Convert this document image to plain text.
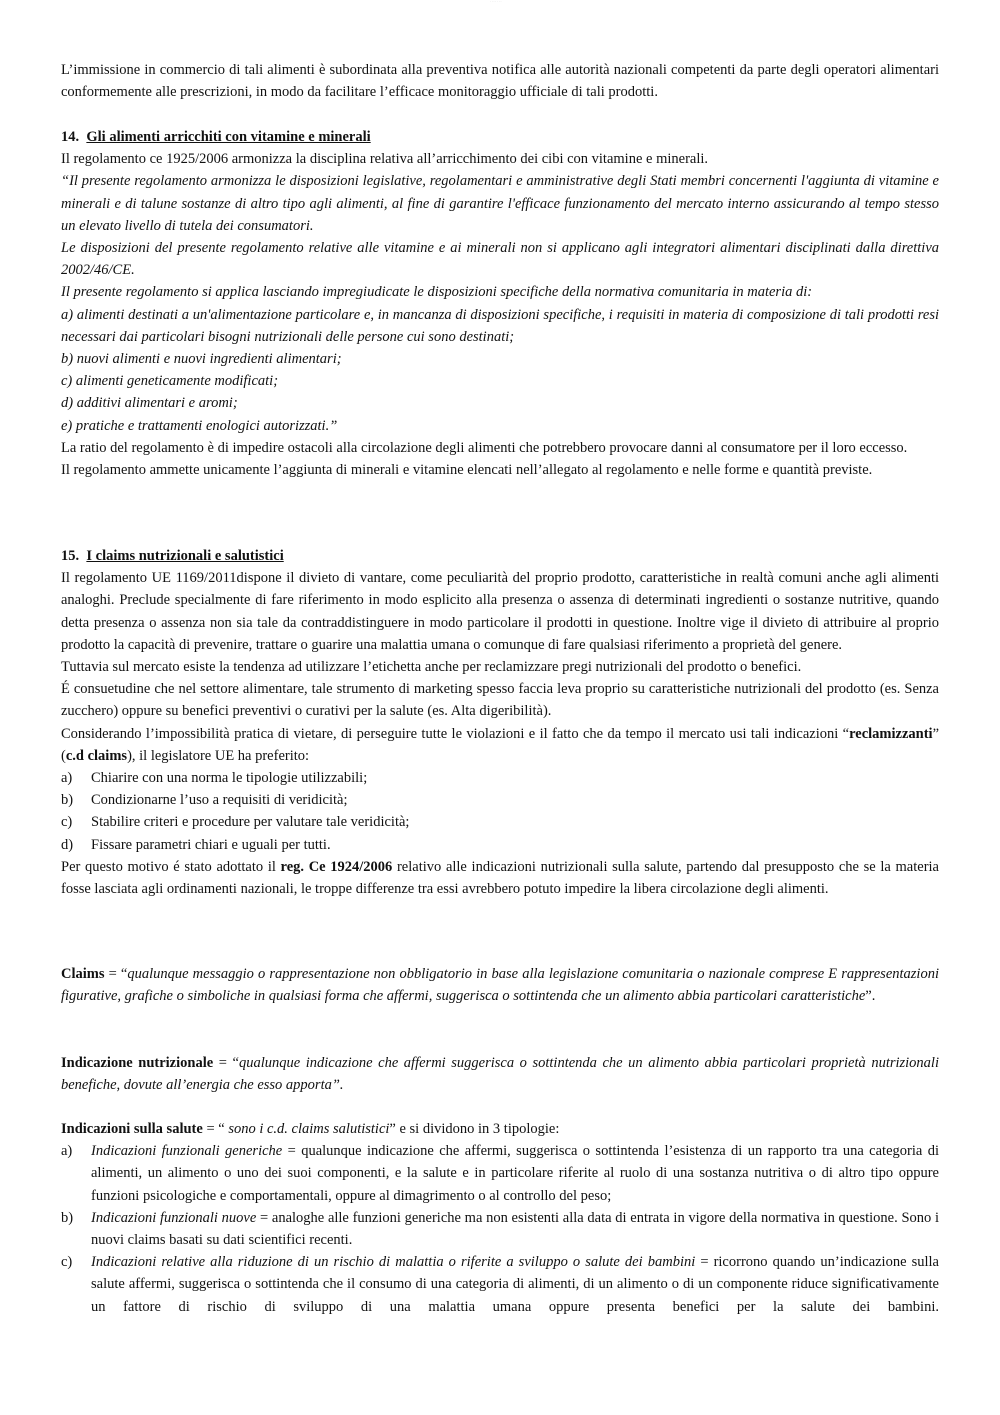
· · · · · · ·

L’immissione in commercio di tali alimenti è subordinata alla preventiva notifica alle autorità nazionali competenti da parte degli operatori alimentari conformemente alle prescrizioni, in modo da facilitare l’efficace monitoraggio ufficiale di tali prodotti.

14. Gli alimenti arricchiti con vitamine e minerali

Il regolamento ce 1925/2006 armonizza la disciplina relativa all’arricchimento dei cibi con vitamine e minerali.

“Il presente regolamento armonizza le disposizioni legislative, regolamentari e amministrative degli Stati membri concernenti l'aggiunta di vitamine e minerali e di talune sostanze di altro tipo agli alimenti, al fine di garantire l'efficace funzionamento del mercato interno assicurando al tempo stesso un elevato livello di tutela dei consumatori.

Le disposizioni del presente regolamento relative alle vitamine e ai minerali non si applicano agli integratori alimentari disciplinati dalla direttiva 2002/46/CE.

Il presente regolamento si applica lasciando impregiudicate le disposizioni specifiche della normativa comunitaria in materia di:

a) alimenti destinati a un'alimentazione particolare e, in mancanza di disposizioni specifiche, i requisiti in materia di composizione di tali prodotti resi necessari dai particolari bisogni nutrizionali delle persone cui sono destinati;

b) nuovi alimenti e nuovi ingredienti alimentari;

c) alimenti geneticamente modificati;

d) additivi alimentari e aromi;

e) pratiche e trattamenti enologici autorizzati.”

La ratio del regolamento è di impedire ostacoli alla circolazione degli alimenti che potrebbero provocare danni al consumatore per il loro eccesso.

Il regolamento ammette unicamente l’aggiunta di minerali e vitamine elencati nell’allegato al regolamento e nelle forme e quantità previste.

15. I claims nutrizionali e salutistici

Il regolamento UE 1169/2011dispone il divieto di vantare, come peculiarità del proprio prodotto, caratteristiche in realtà comuni anche agli alimenti analoghi. Preclude specialmente di fare riferimento in modo esplicito alla presenza o assenza di determinati ingredienti o sostanze nutritive, quando detta presenza o assenza non sia tale da contraddistinguere in modo particolare il prodotti in questione. Inoltre vige il divieto di attribuire al proprio prodotto la capacità di prevenire, trattare o guarire una malattia umana o comunque di fare qualsiasi riferimento a proprietà del genere.

Tuttavia sul mercato esiste la tendenza ad utilizzare l’etichetta anche per reclamizzare pregi nutrizionali del prodotto o benefici.

É consuetudine che nel settore alimentare, tale strumento di marketing spesso faccia leva proprio su caratteristiche nutrizionali del prodotto (es. Senza zucchero) oppure su benefici preventivi o curativi per la salute (es. Alta digeribilità).

Considerando l’impossibilità pratica di vietare, di perseguire tutte le violazioni e il fatto che da tempo il mercato usi tali indicazioni “reclamizzanti” (c.d claims), il legislatore UE ha preferito:

a)	Chiarire con una norma le tipologie utilizzabili;
b)	Condizionarne l’uso a requisiti di veridicità;
c)	Stabilire criteri e procedure per valutare tale veridicità;
d)	Fissare parametri chiari e uguali per tutti.

Per questo motivo é stato adottato il reg. Ce 1924/2006 relativo alle indicazioni nutrizionali sulla salute, partendo dal presupposto che se la materia fosse lasciata agli ordinamenti nazionali, le troppe differenze tra essi avrebbero potuto impedire la libera circolazione degli alimenti.

Claims = “qualunque messaggio o rappresentazione non obbligatorio in base alla legislazione comunitaria o nazionale comprese E rappresentazioni figurative, grafiche o simboliche in qualsiasi forma che affermi, suggerisca o sottintenda che un alimento abbia particolari caratteristiche”.

Indicazione nutrizionale = “qualunque indicazione che affermi suggerisca o sottintenda che un alimento abbia particolari proprietà nutrizionali benefiche, dovute all’energia che esso apporta”.

Indicazioni sulla salute = “ sono i c.d. claims salutistici” e si dividono in 3 tipologie:

a)	Indicazioni funzionali generiche = qualunque indicazione che affermi, suggerisca o sottintenda l’esistenza di un rapporto tra una categoria di alimenti, un alimento o uno dei suoi componenti, e la salute e in particolare riferite al ruolo di una sostanza nutritiva o di altro tipo oppure funzioni psicologiche e comportamentali, oppure al dimagrimento o al controllo del peso;
b)	Indicazioni funzionali nuove = analoghe alle funzioni generiche ma non esistenti alla data di entrata in vigore della normativa in questione. Sono i nuovi claims basati su dati scientifici recenti.
c)	Indicazioni relative alla riduzione di un rischio di malattia o riferite a sviluppo o salute dei bambini = ricorrono quando un’indicazione sulla salute affermi, suggerisca o sottintenda che il consumo di una categoria di alimenti, di un alimento o di un componente riduce significativamente un fattore di rischio di sviluppo di una malattia umana oppure presenta benefici per la salute dei bambini.
